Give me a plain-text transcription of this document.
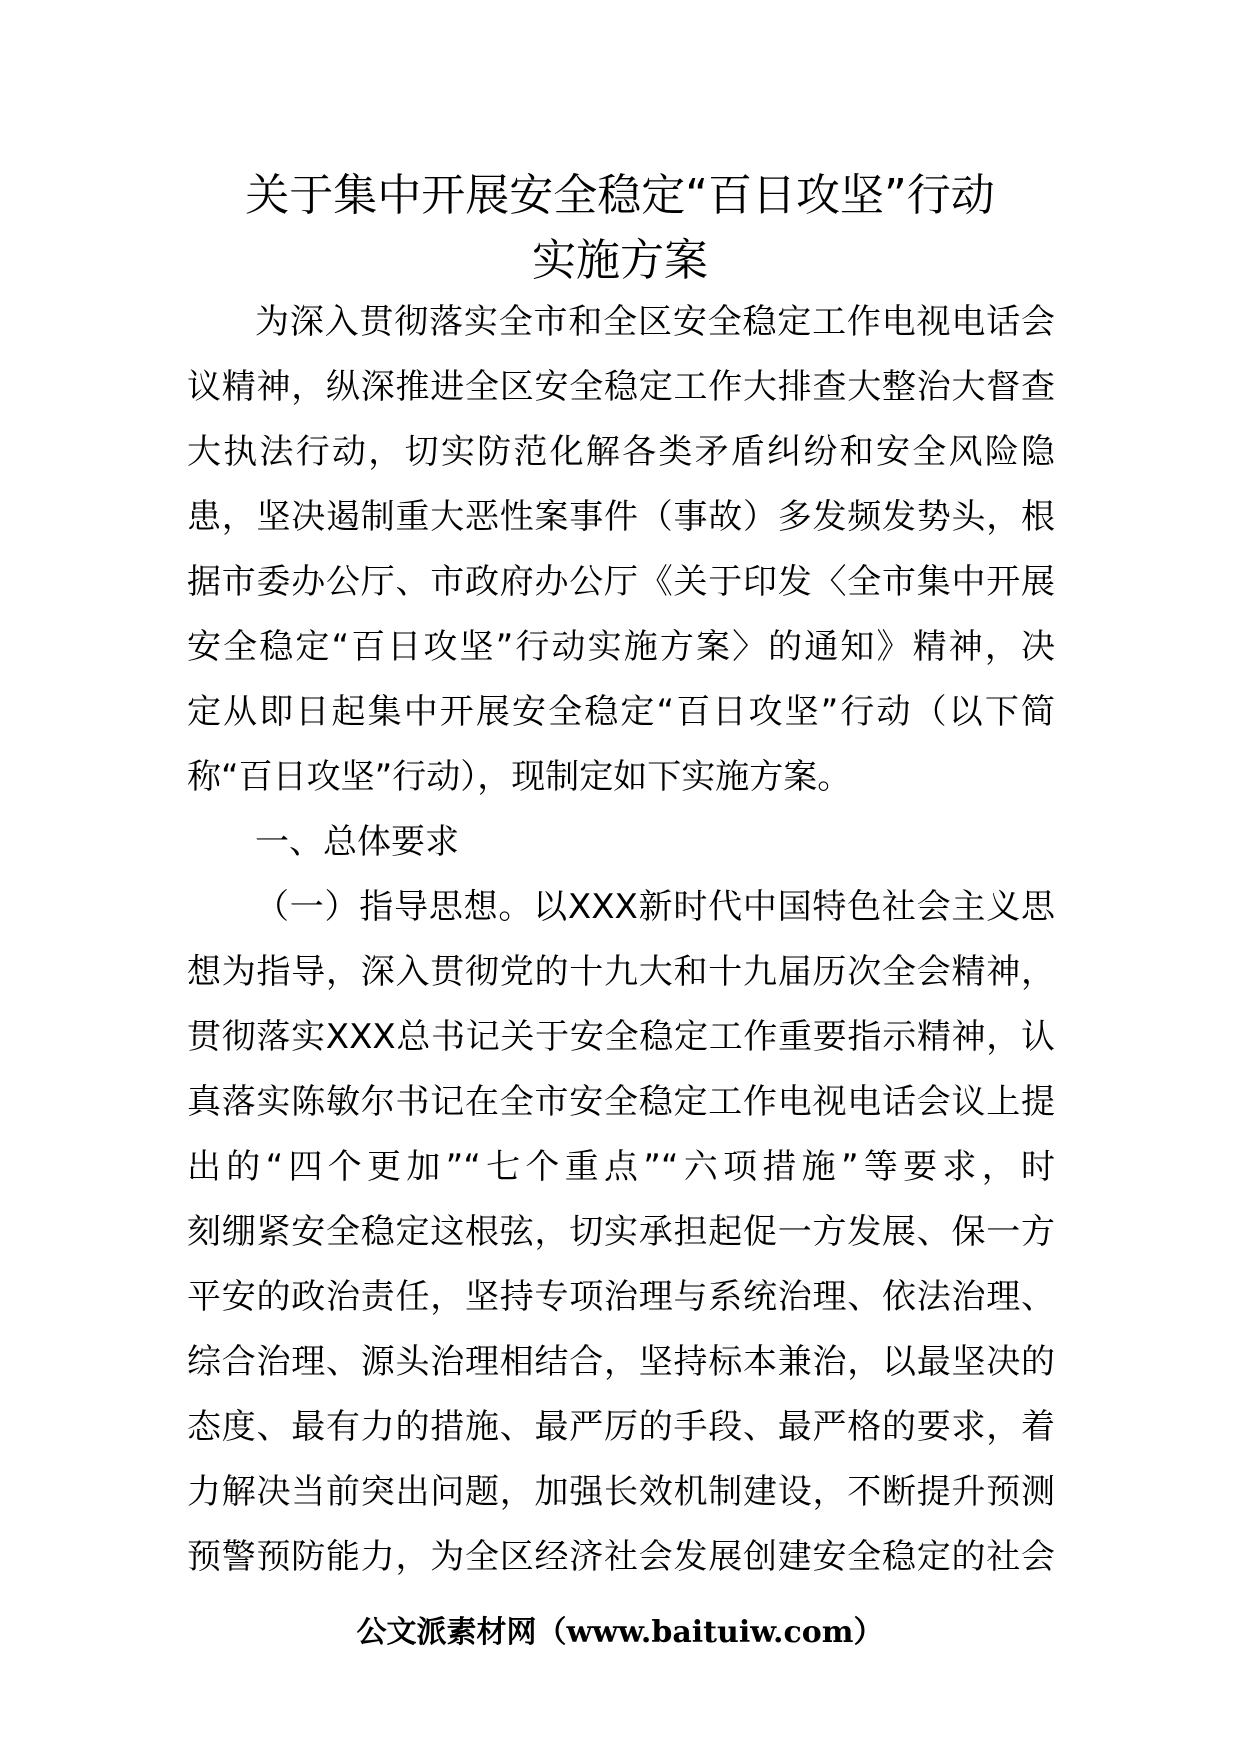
关于集中开展安全稳定“百日攻坚”行动
实施方案
为深入贯彻落实全市和全区安全稳定工作电视电话会
议精神，纵深推进全区安全稳定工作大排查大整治大督查
大执法行动，切实防范化解各类矛盾纠纷和安全风险隐
患，坚决遏制重大恶性案事件（事故）多发频发势头，根
据市委办公厅、市政府办公厅《关于印发〈全市集中开展
安全稳定“百日攻坚”行动实施方案〉的通知》精神，决
定从即日起集中开展安全稳定“百日攻坚”行动（以下简
称“百日攻坚”行动），现制定如下实施方案。
一、总体要求
（一）指导思想。以XXX新时代中国特色社会主义思
想为指导，深入贯彻党的十九大和十九届历次全会精神，
贯彻落实XXX总书记关于安全稳定工作重要指示精神，认
真落实陈敏尔书记在全市安全稳定工作电视电话会议上提
出的“四个更加”“七个重点”“六项措施”等要求，时
刻绷紧安全稳定这根弦，切实承担起促一方发展、保一方
平安的政治责任，坚持专项治理与系统治理、依法治理、
综合治理、源头治理相结合，坚持标本兼治，以最坚决的
态度、最有力的措施、最严厉的手段、最严格的要求，着
力解决当前突出问题，加强长效机制建设，不断提升预测
预警预防能力，为全区经济社会发展创建安全稳定的社会
公文派素材网（www.baituiw.com）
